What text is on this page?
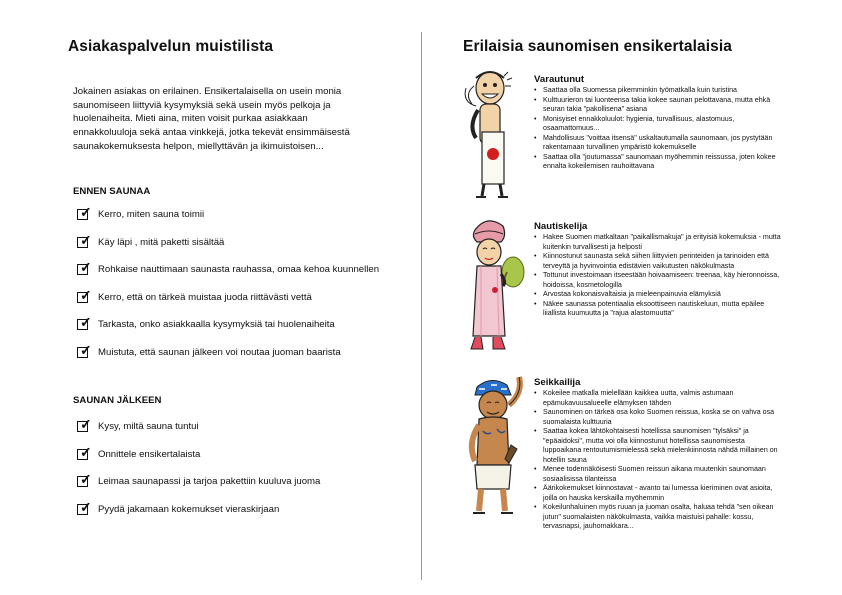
Asiakaspalvelun muistilista

Jokainen asiakas on erilainen. Ensikertalaisella on usein monia saunomiseen liittyviä kysymyksiä sekä usein myös pelkoja ja huolenaiheita. Mieti aina, miten voisit purkaa asiakkaan ennakkoluuloja sekä antaa vinkkejä, jotka tekevät ensimmäisestä saunakokemuksesta helpon, miellyttävän ja ikimuistoisen...

ENNEN SAUNAA
✓ Kerro, miten sauna toimii
✓ Käy läpi , mitä paketti sisältää
✓ Rohkaise nauttimaan saunasta rauhassa, omaa kehoa kuunnellen
✓ Kerro, että on tärkeä muistaa juoda riittävästi vettä
✓ Tarkasta, onko asiakkaalla kysymyksiä tai huolenaiheita
✓ Muistuta, että saunan jälkeen voi noutaa juoman baarista
SAUNAN JÄLKEEN
✓ Kysy, miltä sauna tuntui
✓ Onnittele ensikertalaista
✓ Leimaa saunapassi ja tarjoa pakettiin kuuluva juoma
✓ Pyydä jakamaan kokemukset vieraskirjaan
Erilaisia saunomisen ensikertalaisia
Varautunut
• Saattaa olla Suomessa pikemminkin työmatkalla kuin turistina
• Kulttuurieron tai luonteensa takia kokee saunan pelottavana, mutta ehkä seuran takia "pakollisena" asiana
• Monisyiset ennakkoluulot: hygienia, turvallisuus, alastomuus, osaamattomuus...
• Mahdollisuus "voittaa itsensä" uskaltautumalla saunomaan, jos pystytään rakentamaan turvallinen ympäristö kokemukselle
• Saattaa olla "joutumassa" saunomaan myöhemmin reissussa, joten kokee ennalta kokeilemisen rauhoittavana
Nautiskelija
• Hakee Suomen matkaltaan "paikallismakuja" ja erityisiä kokemuksia - mutta kuitenkin turvallisesti ja helposti
• Kiinnostunut saunasta sekä siihen liittyvien perinteiden ja tarinoiden että terveyttä ja hyvinvointia edistävien vaikutusten näkökulmasta
• Tottunut investoimaan itseestään hoivaamiseen: treenaa, käy hieronnoissa, hoidoissa, kosmetologilla
• Arvostaa kokonaisvaltaisia ja mieleenpainuvia elämyksiä
• Näkee saunassa potentiaalia eksoottiseen nautiskeluun, mutta epäilee liiallista kuumuutta ja "rajua alastomuutta"
Seikkailija
• Kokeilee matkalla mielellään kaikkea uutta, valmis astumaan epämukavuusalueelle elämyksen tähden
• Saunominen on tärkeä osa koko Suomen reissua, koska se on vahva osa suomalaista kulttuuria
• Saattaa kokea lähtökohtaisesti hotellissa saunomisen "tylsäksi" ja "epäaidoksi", mutta voi olla kiinnostunut hotellissa saunomisesta luppoaikana rentoutumismielessä sekä mielenkiinnosta nähdä millainen on hotellin sauna
• Menee todennäköisesti Suomen reissun aikana muutenkin saunomaan sosiaalisissa tilanteissa
• Äärikokemukset kiinnostavat - avanto tai lumessa kieriminen ovat asioita, joilla on hauska kerskailla myöhemmin
• Kokeilunhaluinen myös ruuan ja juoman osalta, haluaa tehdä "sen oikean jutun" suomalaisten näkökulmasta, vaikka maistuisi pahalle: kossu, tervasnapsi, jauhomakkara...
